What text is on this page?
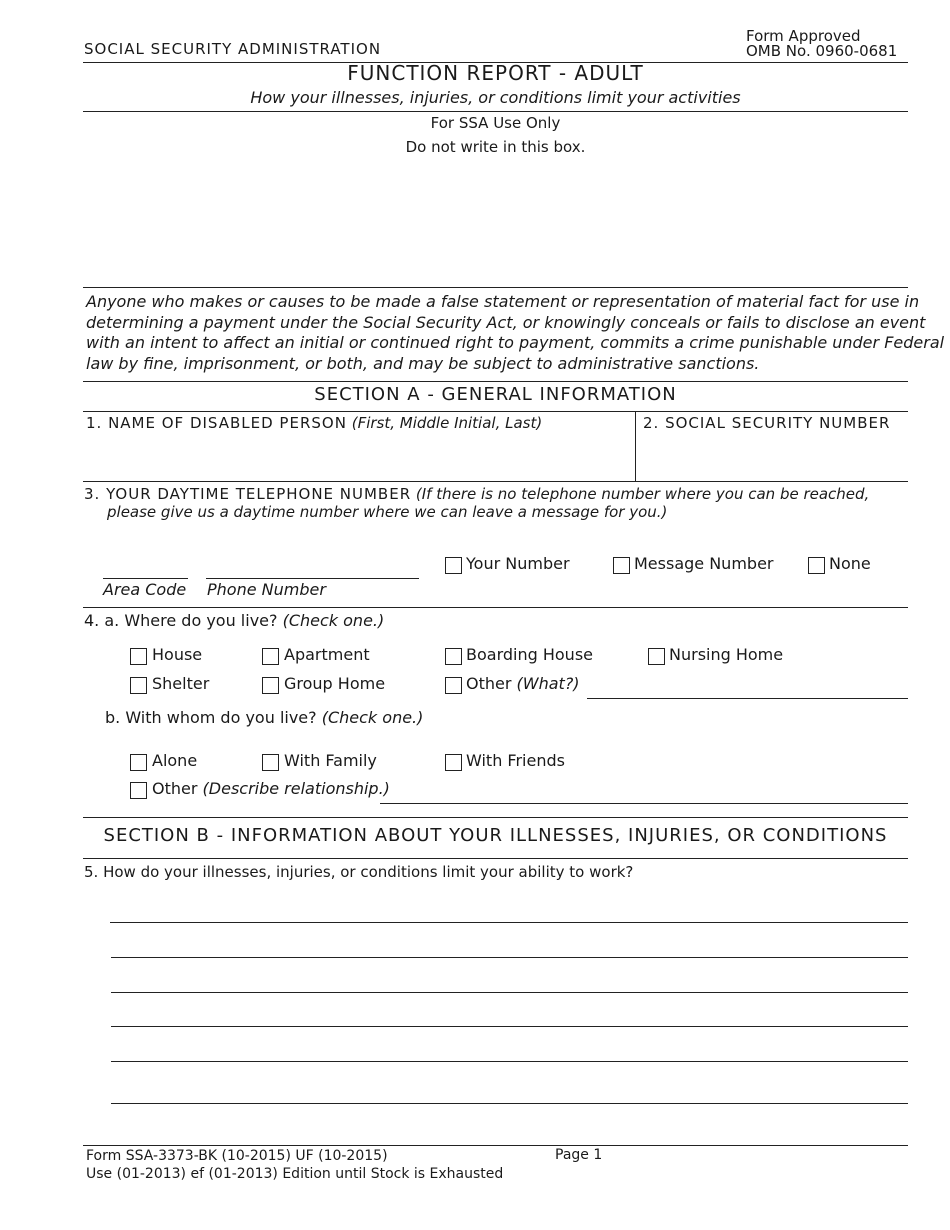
SOCIAL SECURITY ADMINISTRATION
Form Approved
OMB No. 0960-0681
FUNCTION REPORT - ADULT
How your illnesses, injuries, or conditions limit your activities
For SSA Use Only
Do not write in this box.
Anyone who makes or causes to be made a false statement or representation of material fact for use in
determining a payment under the Social Security Act, or knowingly conceals or fails to disclose an event
with an intent to affect an initial or continued right to payment, commits a crime punishable under Federal
law by fine, imprisonment, or both, and may be subject to administrative sanctions.
SECTION A - GENERAL INFORMATION
1. NAME OF DISABLED PERSON (First, Middle Initial, Last)	2. SOCIAL SECURITY NUMBER
3. YOUR DAYTIME TELEPHONE NUMBER (If there is no telephone number where you can be reached,
please give us a daytime number where we can leave a message for you.)
Area Code Phone Number
Your Number	Message Number	None
4. a. Where do you live? (Check one.)
House	Apartment	Boarding House	Nursing Home
Shelter	Group Home	Other (What?)
b. With whom do you live? (Check one.)
Alone	With Family	With Friends
Other (Describe relationship.)
SECTION B - INFORMATION ABOUT YOUR ILLNESSES, INJURIES, OR CONDITIONS
5. How do your illnesses, injuries, or conditions limit your ability to work?
Form SSA-3373-BK (10-2015) UF (10-2015)
Use (01-2013) ef (01-2013) Edition until Stock is Exhausted
Page 1
